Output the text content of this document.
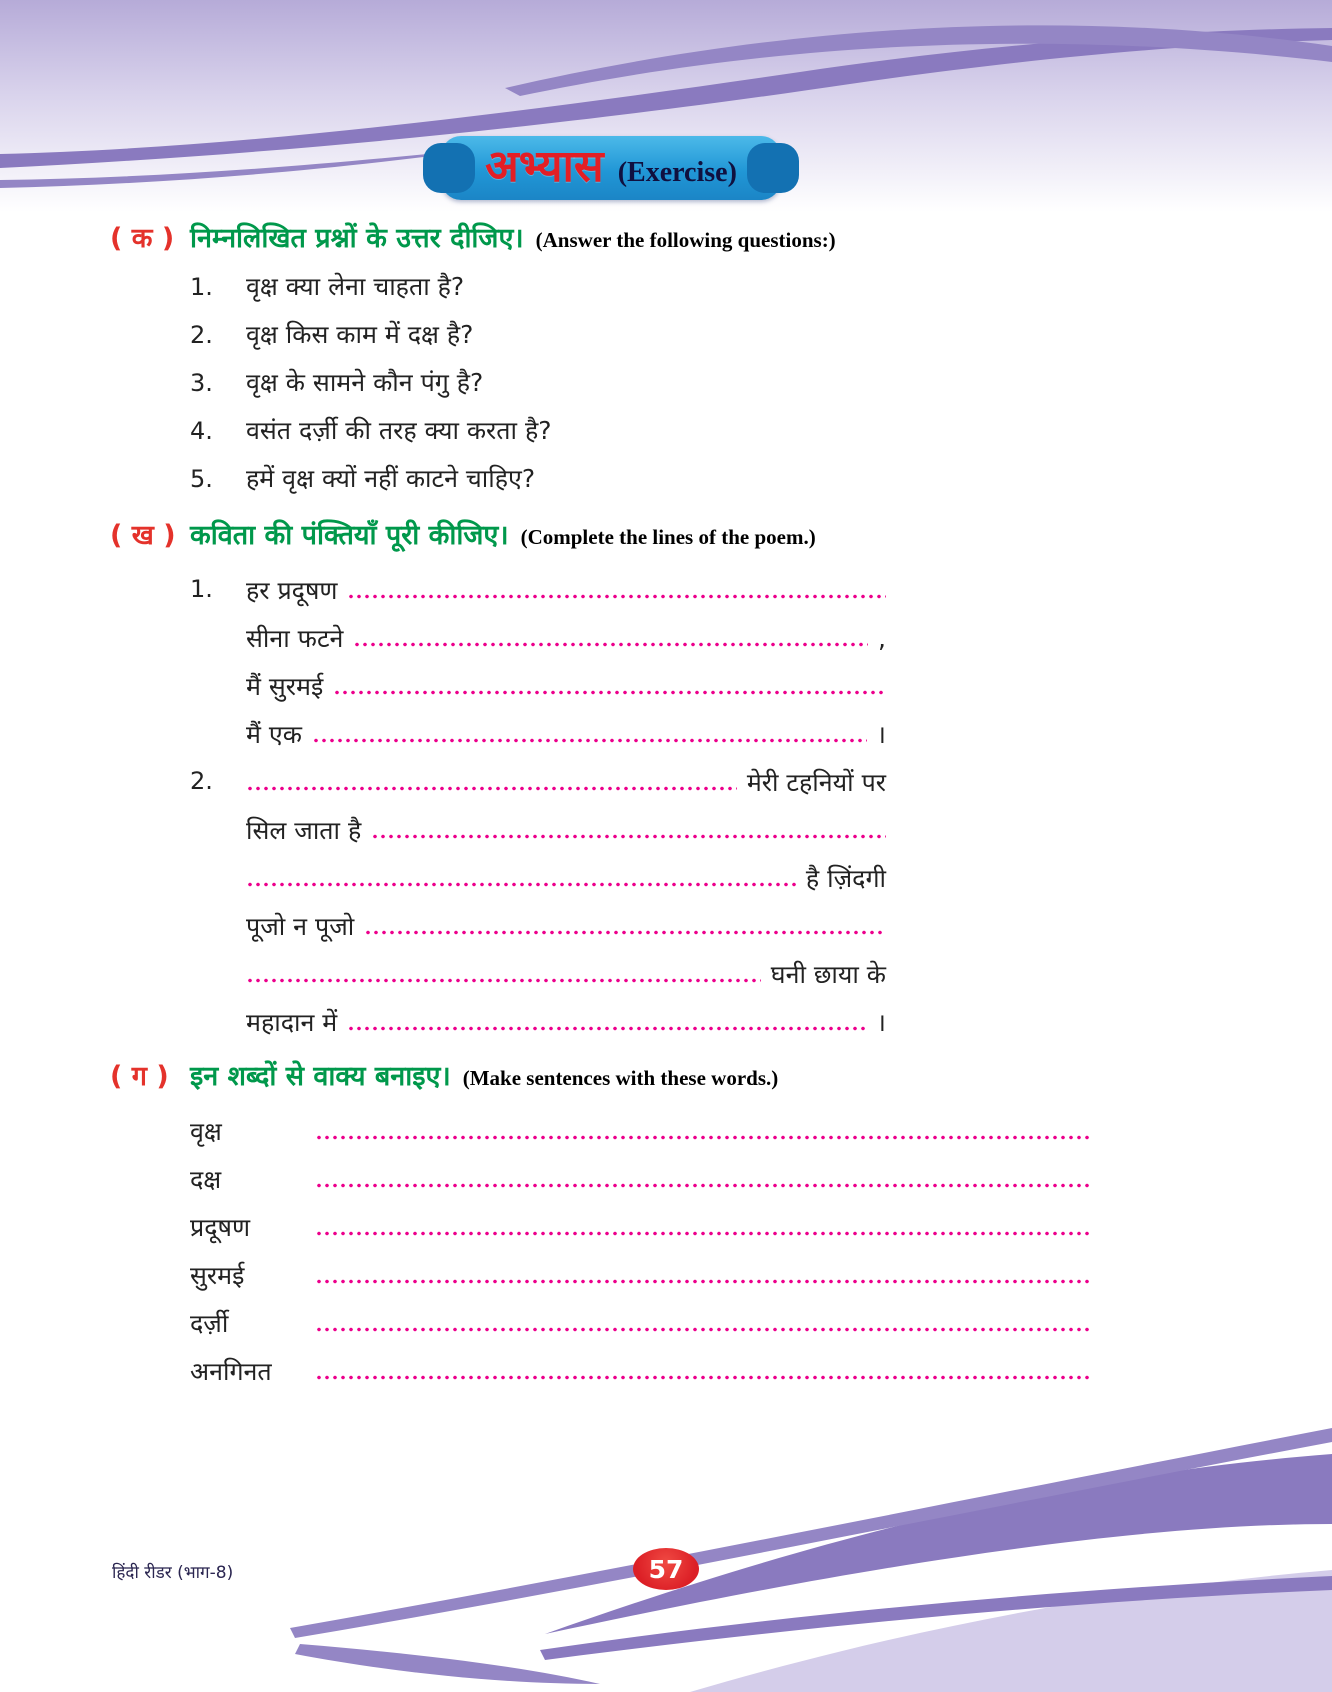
अभ्यास (Exercise)
( क ) निम्नलिखित प्रश्नों के उत्तर दीजिए। (Answer the following questions:)
1.	वृक्ष क्या लेना चाहता है?
2.	वृक्ष किस काम में दक्ष है?
3.	वृक्ष के सामने कौन पंगु है?
4.	वसंत दर्ज़ी की तरह क्या करता है?
5.	हमें वृक्ष क्यों नहीं काटने चाहिए?
( ख ) कविता की पंक्तियाँ पूरी कीजिए। (Complete the lines of the poem.)
1.	हर प्रदूषण
सीना फटने	,
मैं सुरमई
मैं एक	।
2.	मेरी टहनियों पर
सिल जाता है
है ज़िंदगी
पूजो न पूजो
घनी छाया के
महादान में	।
( ग ) इन शब्दों से वाक्य बनाइए। (Make sentences with these words.)
वृक्ष
दक्ष
प्रदूषण
सुरमई
दर्ज़ी
अनगिनत
हिंदी रीडर (भाग-8)	57
